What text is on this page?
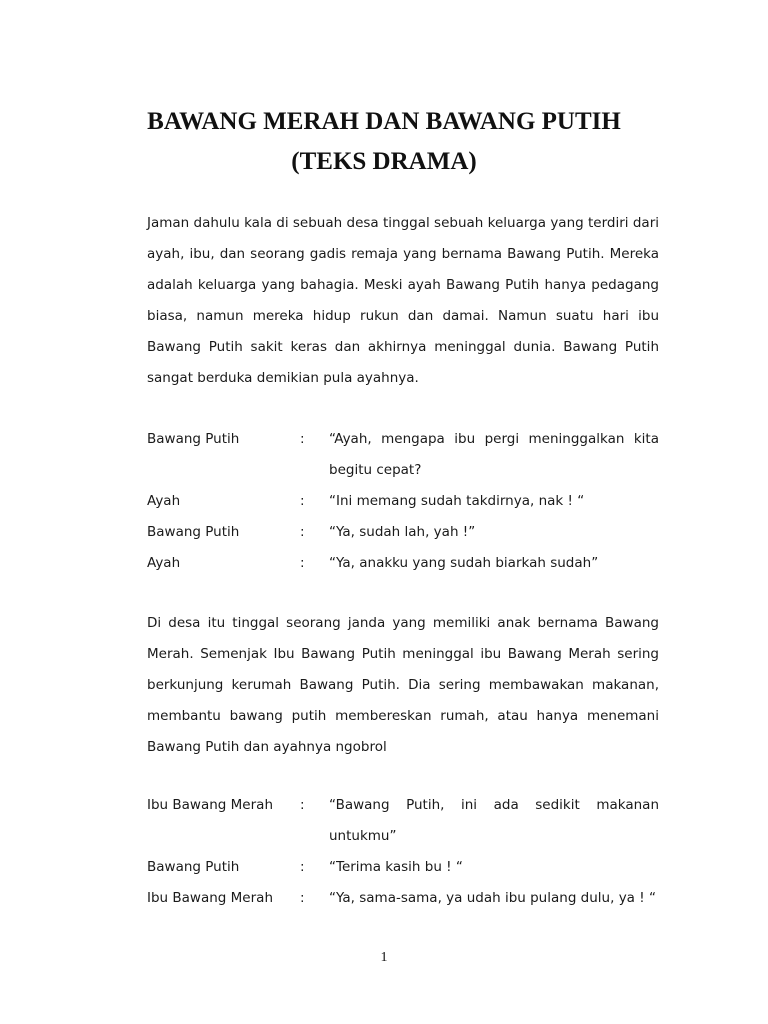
BAWANG MERAH DAN BAWANG PUTIH
(TEKS DRAMA)
Jaman dahulu kala di sebuah desa tinggal sebuah keluarga yang terdiri dari ayah, ibu, dan seorang gadis remaja yang bernama Bawang Putih. Mereka adalah keluarga yang bahagia. Meski ayah Bawang Putih hanya pedagang biasa, namun mereka hidup rukun dan damai. Namun suatu hari ibu Bawang Putih sakit keras dan akhirnya meninggal dunia. Bawang Putih sangat berduka demikian pula ayahnya.
Bawang Putih	:	“Ayah, mengapa ibu pergi meninggalkan kita begitu cepat?
Ayah	:	“Ini memang sudah takdirnya, nak ! “
Bawang Putih	:	“Ya, sudah lah, yah !”
Ayah	:	“Ya, anakku yang sudah biarkah sudah”
Di desa itu tinggal seorang janda yang memiliki anak bernama Bawang Merah. Semenjak Ibu Bawang Putih meninggal ibu Bawang Merah sering berkunjung kerumah Bawang Putih. Dia sering membawakan makanan, membantu bawang putih membereskan rumah, atau hanya menemani Bawang Putih dan ayahnya ngobrol
Ibu Bawang Merah	:	“Bawang Putih, ini ada sedikit makanan untukmu”
Bawang Putih	:	“Terima kasih bu ! “
Ibu Bawang Merah	:	“Ya, sama-sama, ya udah ibu pulang dulu, ya ! “
1
